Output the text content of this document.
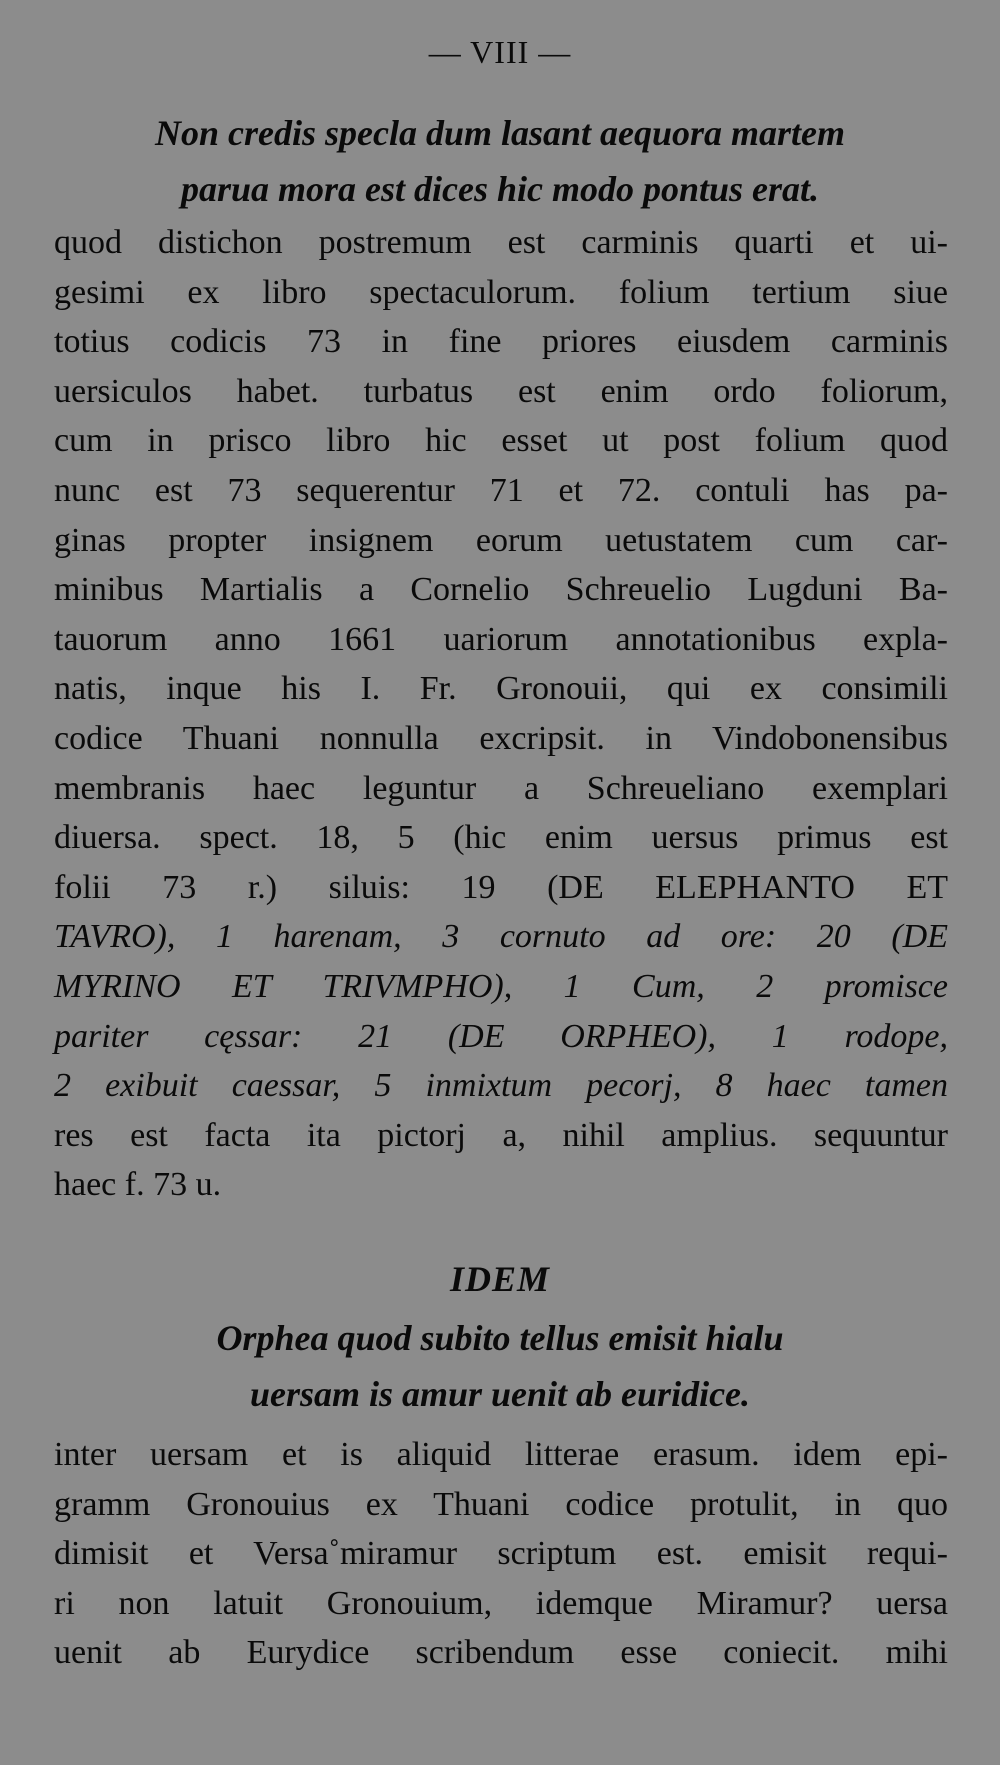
— VIII —
Non credis specla dum lasant aequora martem
parua mora est dices hic modo pontus erat.
quod distichon postremum est carminis quarti et ui-
gesimi ex libro spectaculorum. folium tertium siue
totius codicis 73 in fine priores eiusdem carminis
uersiculos habet. turbatus est enim ordo foliorum,
cum in prisco libro hic esset ut post folium quod
nunc est 73 sequerentur 71 et 72. contuli has pa-
ginas propter insignem eorum uetustatem cum car-
minibus Martialis a Cornelio Schreuelio Lugduni Ba-
tauorum anno 1661 uariorum annotationibus expla-
natis, inque his I. Fr. Gronouii, qui ex consimili
codice Thuani nonnulla excripsit. in Vindobonensibus
membranis haec leguntur a Schreueliano exemplari
diuersa. spect. 18, 5 (hic enim uersus primus est
folii 73 r.) siluis: 19 (DE ELEPHANTO ET
TAVRO), 1 harenam, 3 cornuto ad ore: 20 (DE
MYRINO ET TRIVMPHO), 1 Cum, 2 promisce
pariter cęssar: 21 (DE ORPHEO), 1 rodope,
2 exibuit caessar, 5 inmixtum pecorj, 8 haec tamen
res est facta ita pictorj a, nihil amplius. sequuntur
haec f. 73 u.
IDEM
Orphea quod subito tellus emisit hialu
uersam is amur uenit ab euridice.
inter uersam et is aliquid litterae erasum. idem epi-
gramm Gronouius ex Thuani codice protulit, in quo
dimisit et Versa˚miramur scriptum est. emisit requi-
ri non latuit Gronouium, idemque Miramur? uersa
uenit ab Eurydice scribendum esse coniecit. mihi
